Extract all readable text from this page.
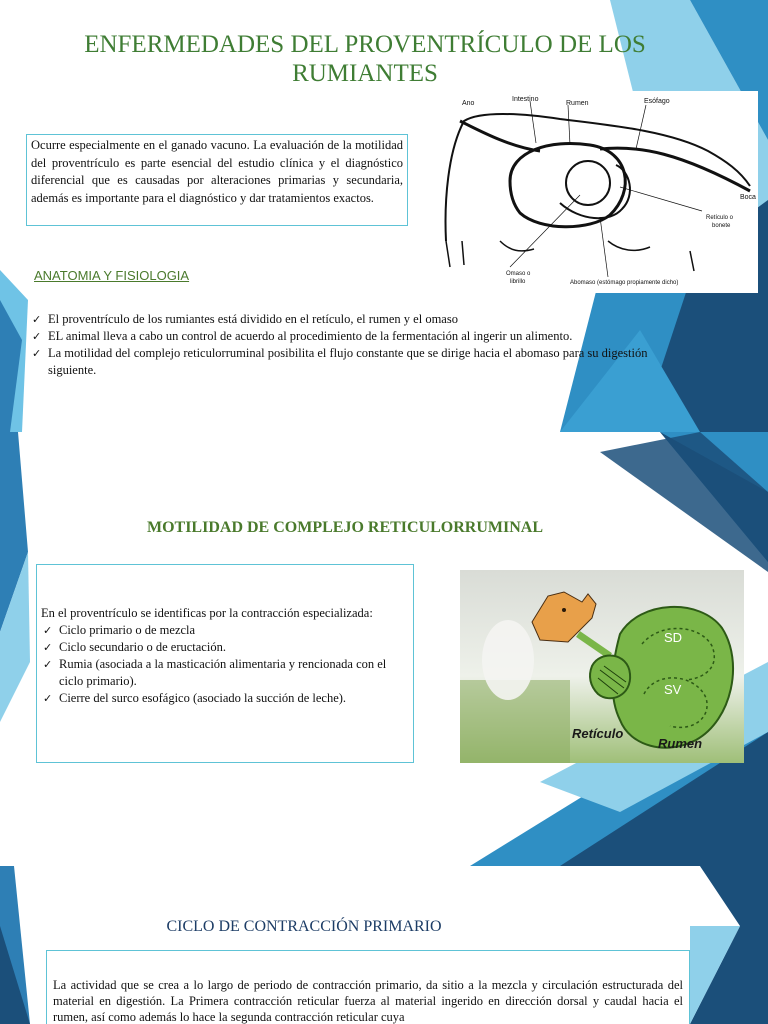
ENFERMEDADES DEL PROVENTRÍCULO DE LOS RUMIANTES
Ocurre especialmente en el ganado vacuno. La evaluación de la motilidad del proventrículo es parte esencial del estudio clínica y el diagnóstico diferencial que es causadas por alteraciones primarias y secundaria, además es importante para el diagnóstico y dar tratamientos exactos.
ANATOMIA Y FISIOLOGIA
✓ El proventrículo de los rumiantes está dividido en el retículo, el rumen y el omaso
✓ EL animal lleva a cabo un control de acuerdo al procedimiento de la fermentación al ingerir un alimento.
✓ La motilidad del complejo reticulorruminal posibilita el flujo constante que se dirige hacia el abomaso para su digestión siguiente.
Ano
Intestino
Rumen	Esófago
Boca
Retículo o bonete
Omaso o librillo	Abomaso (estómago propiamente dicho)
MOTILIDAD DE COMPLEJO RETICULORRUMINAL
En el proventrículo se identificas por la contracción especializada:
✓ Ciclo primario o de mezcla
✓ Ciclo secundario o de eructación.
✓ Rumia (asociada a la masticación alimentaria y rencionada con el ciclo primario).
✓ Cierre del surco esofágico (asociado la succión de leche).
SD
SV
Retículo
Rumen
CICLO DE CONTRACCIÓN PRIMARIO
La actividad que se crea a lo largo de periodo de contracción primario, da sitio a la mezcla y circulación estructurada del material en digestión. La Primera contracción reticular fuerza al material ingerido en dirección dorsal y caudal hacia el rumen, así como además lo hace la segunda contracción reticular cuya
